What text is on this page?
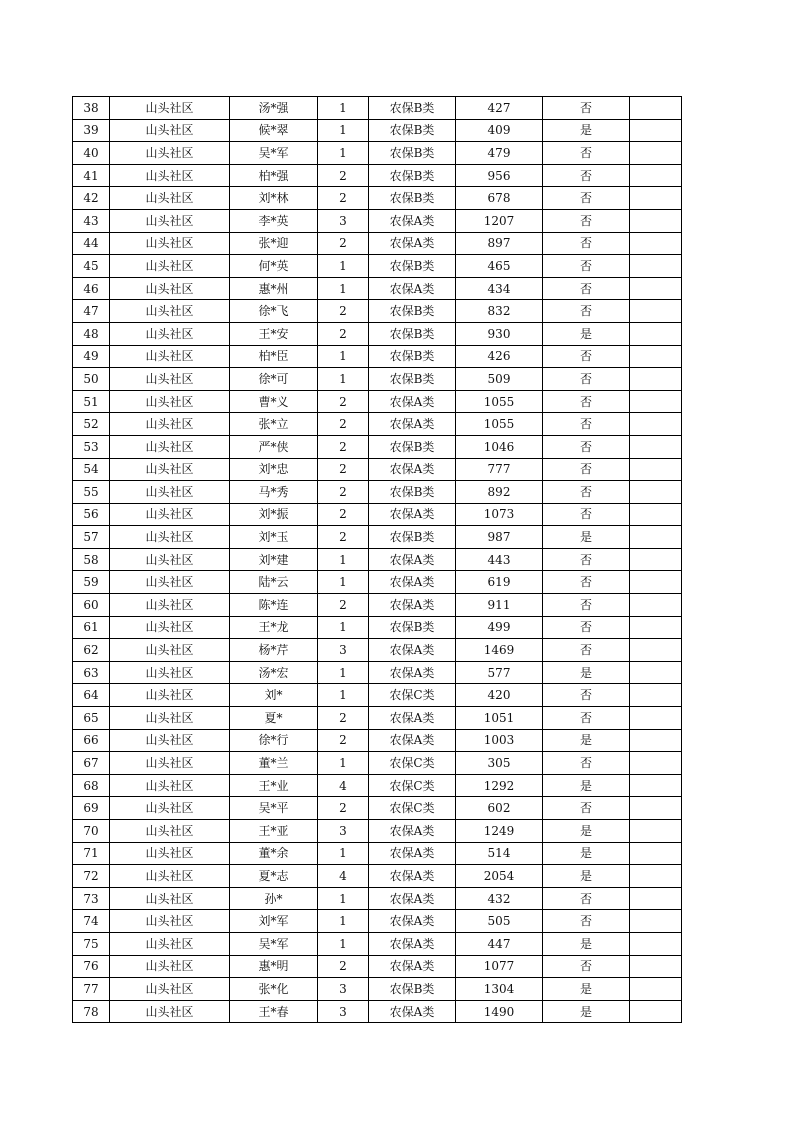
38	山头社区	汤*强	1	农保B类	427	否	
39	山头社区	候*翠	1	农保B类	409	是	
40	山头社区	吴*军	1	农保B类	479	否	
41	山头社区	柏*强	2	农保B类	956	否	
42	山头社区	刘*林	2	农保B类	678	否	
43	山头社区	李*英	3	农保A类	1207	否	
44	山头社区	张*迎	2	农保A类	897	否	
45	山头社区	何*英	1	农保B类	465	否	
46	山头社区	惠*州	1	农保A类	434	否	
47	山头社区	徐*飞	2	农保B类	832	否	
48	山头社区	王*安	2	农保B类	930	是	
49	山头社区	柏*臣	1	农保B类	426	否	
50	山头社区	徐*可	1	农保B类	509	否	
51	山头社区	曹*义	2	农保A类	1055	否	
52	山头社区	张*立	2	农保A类	1055	否	
53	山头社区	严*侠	2	农保B类	1046	否	
54	山头社区	刘*忠	2	农保A类	777	否	
55	山头社区	马*秀	2	农保B类	892	否	
56	山头社区	刘*振	2	农保A类	1073	否	
57	山头社区	刘*玉	2	农保B类	987	是	
58	山头社区	刘*建	1	农保A类	443	否	
59	山头社区	陆*云	1	农保A类	619	否	
60	山头社区	陈*连	2	农保A类	911	否	
61	山头社区	王*龙	1	农保B类	499	否	
62	山头社区	杨*芹	3	农保A类	1469	否	
63	山头社区	汤*宏	1	农保A类	577	是	
64	山头社区	刘*	1	农保C类	420	否	
65	山头社区	夏*	2	农保A类	1051	否	
66	山头社区	徐*行	2	农保A类	1003	是	
67	山头社区	董*兰	1	农保C类	305	否	
68	山头社区	王*业	4	农保C类	1292	是	
69	山头社区	吴*平	2	农保C类	602	否	
70	山头社区	王*亚	3	农保A类	1249	是	
71	山头社区	董*余	1	农保A类	514	是	
72	山头社区	夏*志	4	农保A类	2054	是	
73	山头社区	孙*	1	农保A类	432	否	
74	山头社区	刘*军	1	农保A类	505	否	
75	山头社区	吴*军	1	农保A类	447	是	
76	山头社区	惠*明	2	农保A类	1077	否	
77	山头社区	张*化	3	农保B类	1304	是	
78	山头社区	王*春	3	农保A类	1490	是	
